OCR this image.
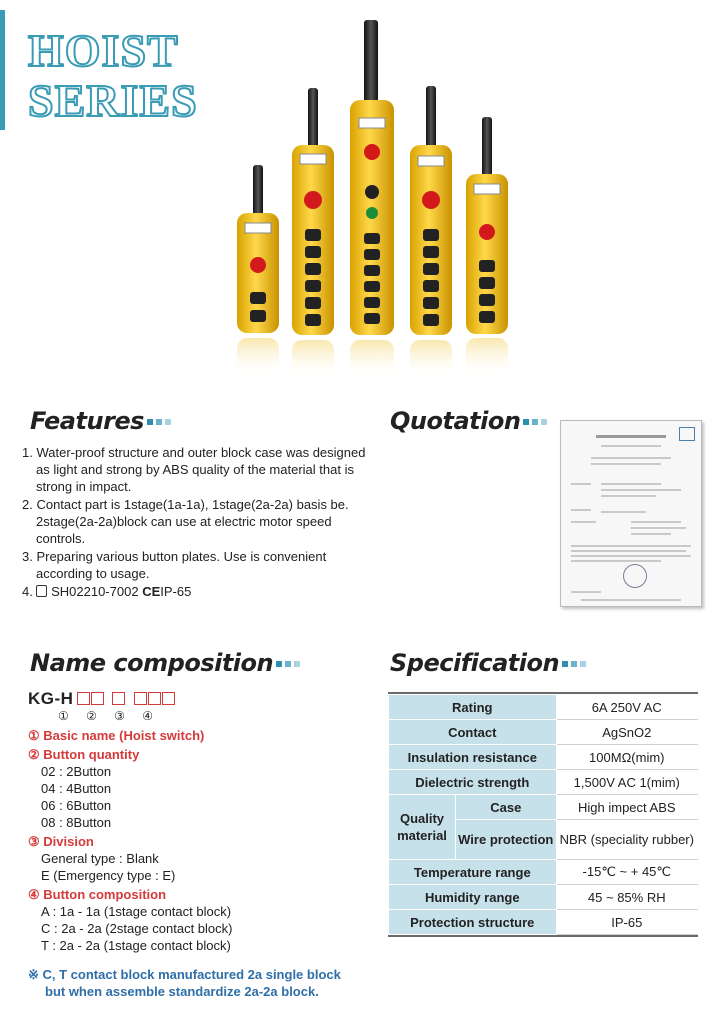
HOIST
SERIES
Features
1. Water-proof structure and outer block case was designed as light and strong by ABS quality of the material that is strong in impact.
2. Contact part is 1stage(1a-1a), 1stage(2a-2a) basis be. 2stage(2a-2a)block can use at electric motor speed controls.
3. Preparing various button plates. Use is convenient according to usage.
4. SH02210-7002 CEIP-65
Quotation
Name composition
KG-H
① ② ③ ④
① Basic name (Hoist switch)
② Button quantity
02 : 2Button
04 : 4Button
06 : 6Button
08 : 8Button
③ Division
General type : Blank
E (Emergency type : E)
④ Button composition
A : 1a - 1a (1stage contact block)
C : 2a - 2a (2stage contact block)
T : 2a - 2a (1stage contact block)
※ C, T contact block manufactured 2a single block
but when assemble standardize 2a-2a block.
Specification
Rating		6A 250V AC
Contact		AgSnO2
Insulation resistance		100MΩ(mim)
Dielectric strength		1,500V AC 1(mim)
Quality material	Case	High impect ABS
	Wire protection	NBR (speciality rubber)
Temperature range		-15℃ ~ + 45℃
Humidity range		45 ~ 85% RH
Protection structure		IP-65
